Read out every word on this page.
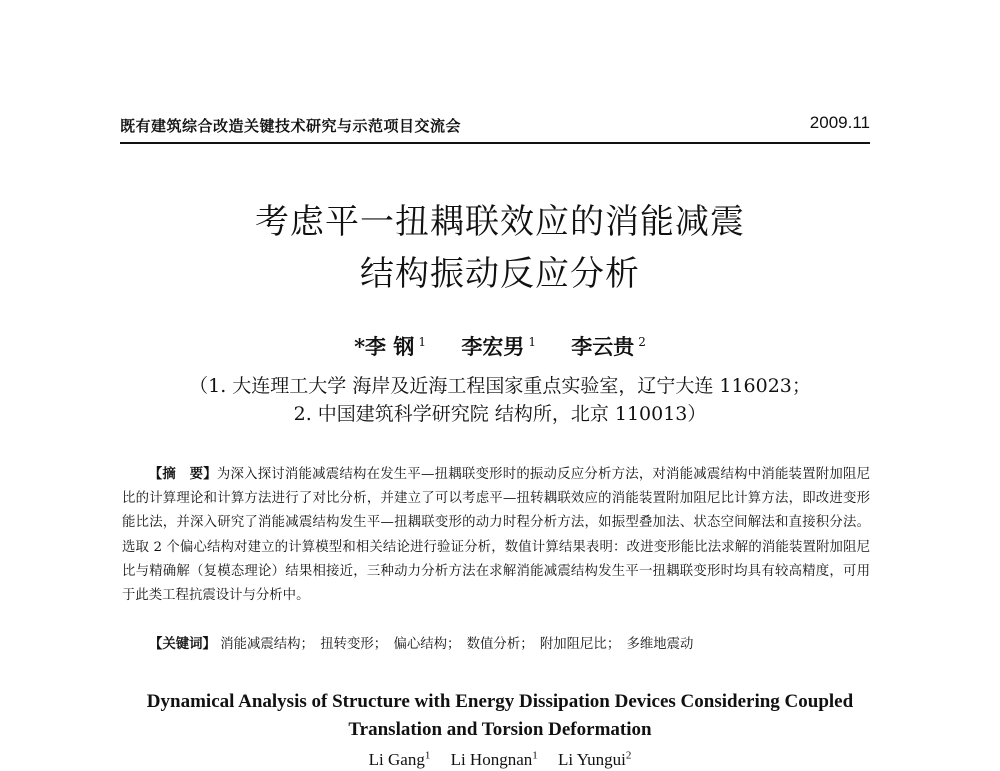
既有建筑综合改造关键技术研究与示范项目交流会	2009.11
考虑平一扭耦联效应的消能减震
结构振动反应分析
*李 钢 $^1$ 李宏男 $^1$ 李云贵 $^2$
（1. 大连理工大学 海岸及近海工程国家重点实验室，辽宁大连 116023；
2. 中国建筑科学研究院 结构所，北京 110013）

【摘　要】为深入探讨消能减震结构在发生平—扭耦联变形时的振动反应分析方法，对消能减震结构中消能装置附加阻尼比的计算理论和计算方法进行了对比分析，并建立了可以考虑平—扭转耦联效应的消能装置附加阻尼比计算方法，即改进变形能比法，并深入研究了消能减震结构发生平—扭耦联变形的动力时程分析方法，如振型叠加法、状态空间解法和直接积分法。选取 2 个偏心结构对建立的计算模型和相关结论进行验证分析，数值计算结果表明：改进变形能比法求解的消能装置附加阻尼比与精确解（复模态理论）结果相接近，三种动力分析方法在求解消能减震结构发生平一扭耦联变形时均具有较高精度，可用于此类工程抗震设计与分析中。

【关键词】 消能减震结构； 扭转变形； 偏心结构； 数值分析； 附加阻尼比； 多维地震动
Dynamical Analysis of Structure with Energy Dissipation Devices Considering Coupled
Translation and Torsion Deformation
Li Gang$^1$ Li Hongnan$^1$ Li Yungui$^2$
